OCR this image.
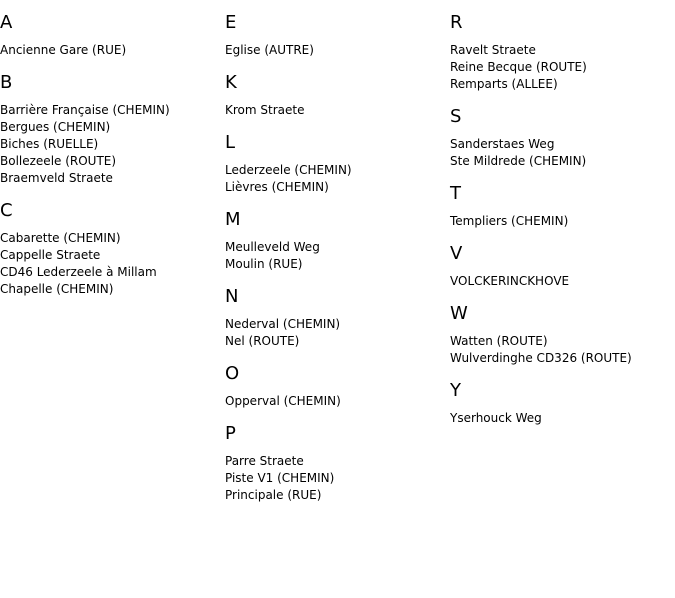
A
Ancienne Gare (RUE)
B
Barrière Française (CHEMIN)
Bergues (CHEMIN)
Biches (RUELLE)
Bollezeele (ROUTE)
Braemveld Straete
C
Cabarette (CHEMIN)
Cappelle Straete
CD46 Lederzeele à Millam
Chapelle (CHEMIN)
E
Eglise (AUTRE)
K
Krom Straete
L
Lederzeele (CHEMIN)
Lièvres (CHEMIN)
M
Meulleveld Weg
Moulin (RUE)
N
Nederval (CHEMIN)
Nel (ROUTE)
O
Opperval (CHEMIN)
P
Parre Straete
Piste V1 (CHEMIN)
Principale (RUE)
R
Ravelt Straete
Reine Becque (ROUTE)
Remparts (ALLEE)
S
Sanderstaes Weg
Ste Mildrede (CHEMIN)
T
Templiers (CHEMIN)
V
VOLCKERINCKHOVE
W
Watten (ROUTE)
Wulverdinghe CD326 (ROUTE)
Y
Yserhouck Weg
